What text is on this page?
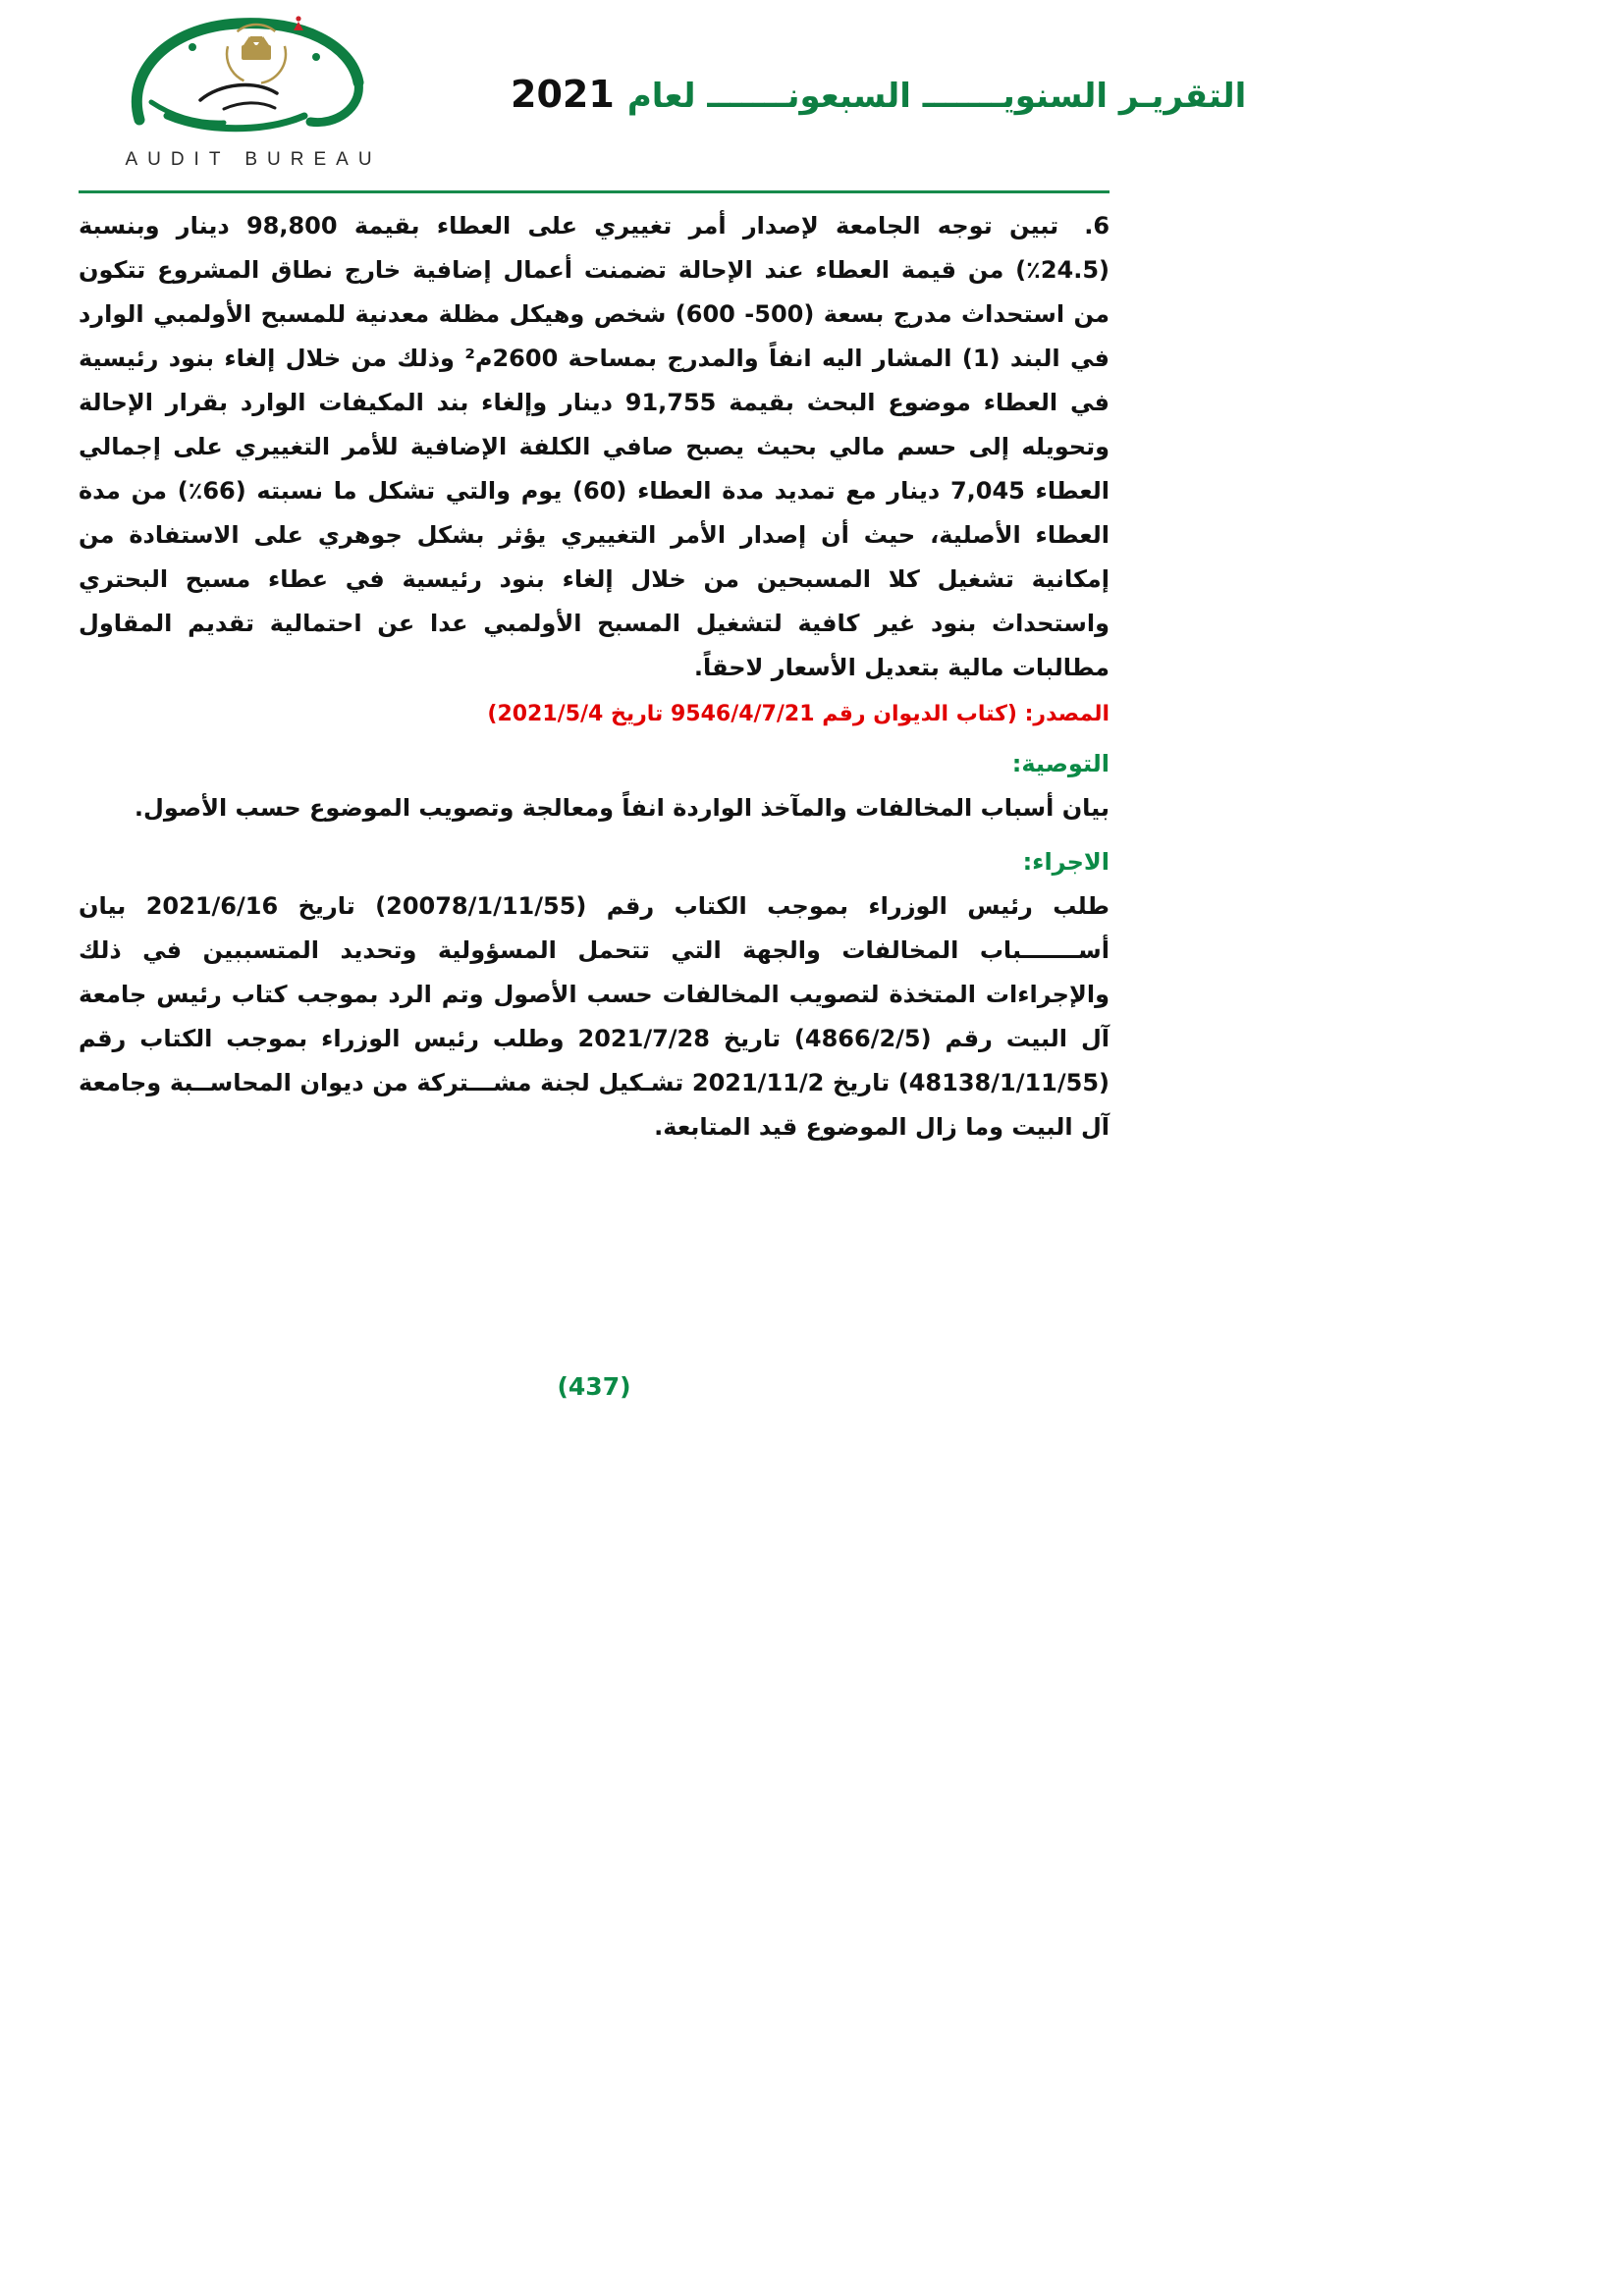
AUDIT BUREAU
التقريـر السنويـــــــ السبعونـــــــ لعام 2021

6.تبين توجه الجامعة لإصدار أمر تغييري على العطاء بقيمة 98,800 دينار وبنسبة (24.5٪) من قيمة العطاء عند الإحالة تضمنت أعمال إضافية خارج نطاق المشروع تتكون من استحداث مدرج بسعة (500- 600) شخص وهيكل مظلة معدنية للمسبح الأولمبي الوارد في البند (1) المشار اليه انفاً والمدرج بمساحة 2600م² وذلك من خلال إلغاء بنود رئيسية في العطاء موضوع البحث بقيمة 91,755 دينار وإلغاء بند المكيفات الوارد بقرار الإحالة وتحويله إلى حسم مالي بحيث يصبح صافي الكلفة الإضافية للأمر التغييري على إجمالي العطاء 7,045 دينار مع تمديد مدة العطاء (60) يوم والتي تشكل ما نسبته (66٪) من مدة العطاء الأصلية، حيث أن إصدار الأمر التغييري يؤثر بشكل جوهري على الاستفادة من إمكانية تشغيل كلا المسبحين من خلال إلغاء بنود رئيسية في عطاء مسبح البحتري واستحداث بنود غير كافية لتشغيل المسبح الأولمبي عدا عن احتمالية تقديم المقاول مطالبات مالية بتعديل الأسعار لاحقاً.

المصدر: (كتاب الديوان رقم 9546/4/7/21 تاريخ 2021/5/4)
التوصية:
بيان أسباب المخالفات والمآخذ الواردة انفاً ومعالجة وتصويب الموضوع حسب الأصول.
الاجراء:

طلب رئيس الوزراء بموجب الكتاب رقم (20078/1/11/55) تاريخ 2021/6/16 بيان أســـــــباب المخالفات والجهة التي تتحمل المسؤولية وتحديد المتسببين في ذلك والإجراءات المتخذة لتصويب المخالفات حسب الأصول وتم الرد بموجب كتاب رئيس جامعة آل البيت رقم (4866/2/5) تاريخ 2021/7/28 وطلب رئيس الوزراء بموجب الكتاب رقم (48138/1/11/55) تاريخ 2021/11/2 تشـكيل لجنة مشـــتركة من ديوان المحاســبة وجامعة آل البيت وما زال الموضوع قيد المتابعة.

(437)
